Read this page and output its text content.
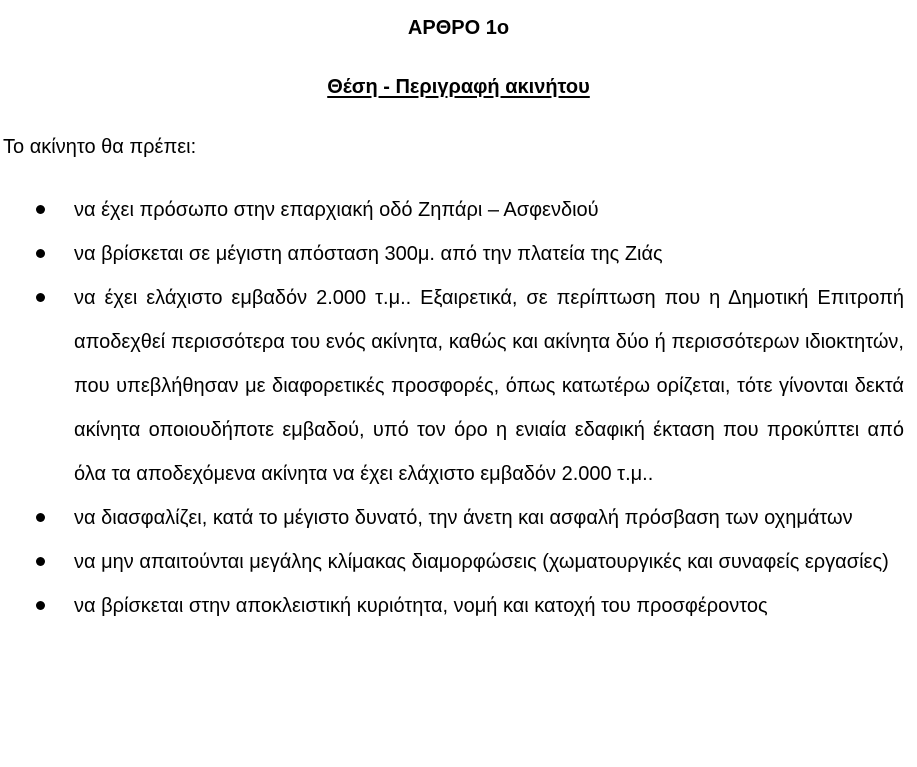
ΑΡΘΡΟ 1ο
Θέση - Περιγραφή ακινήτου

Το ακίνητο θα πρέπει:

να έχει πρόσωπο στην επαρχιακή οδό Ζηπάρι – Ασφενδιού
να βρίσκεται σε μέγιστη απόσταση 300μ. από την πλατεία της Ζιάς
να έχει ελάχιστο εμβαδόν 2.000 τ.μ.. Εξαιρετικά, σε περίπτωση που η Δημοτική Επιτροπή αποδεχθεί περισσότερα του ενός ακίνητα, καθώς και ακίνητα δύο ή περισσότερων ιδιοκτητών, που υπεβλήθησαν με διαφορετικές προσφορές, όπως κατωτέρω ορίζεται, τότε γίνονται δεκτά ακίνητα οποιουδήποτε εμβαδού, υπό τον όρο η ενιαία εδαφική έκταση που προκύπτει από όλα τα αποδεχόμενα ακίνητα να έχει ελάχιστο εμβαδόν 2.000 τ.μ..
να διασφαλίζει, κατά το μέγιστο δυνατό, την άνετη και ασφαλή πρόσβαση των οχημάτων
να μην απαιτούνται μεγάλης κλίμακας διαμορφώσεις (χωματουργικές και συναφείς εργασίες)
να βρίσκεται στην αποκλειστική κυριότητα, νομή και κατοχή του προσφέροντος
